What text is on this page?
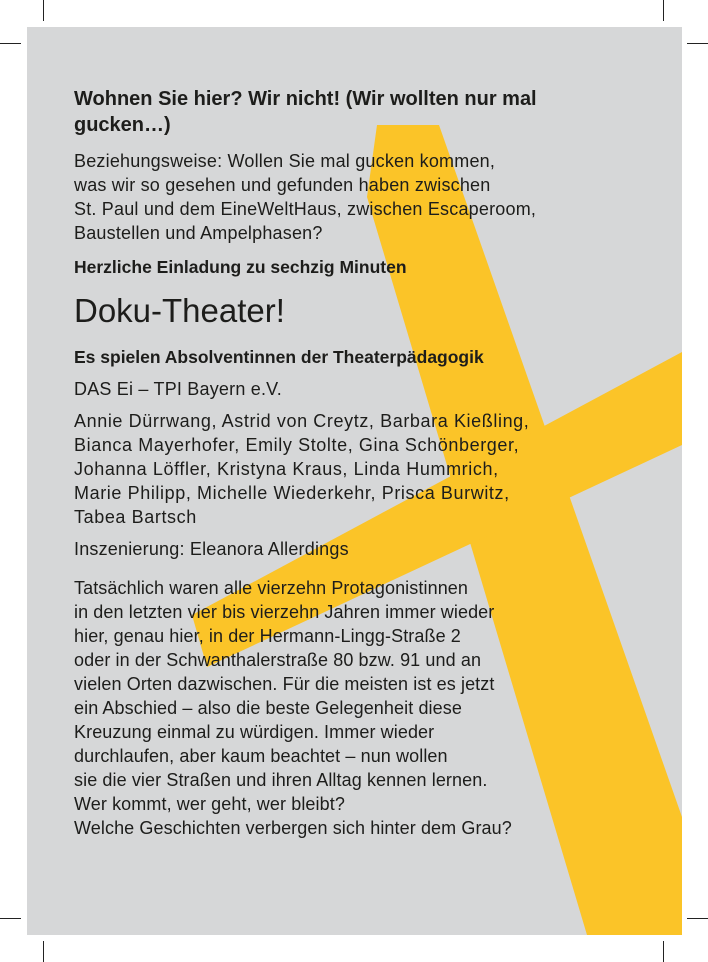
Wohnen Sie hier? Wir nicht! (Wir wollten nur mal gucken…)

Beziehungsweise: Wollen Sie mal gucken kommen,
was wir so gesehen und gefunden haben zwischen
St. Paul und dem EineWeltHaus, zwischen Escaperoom,
Baustellen und Ampelphasen?

Herzliche Einladung zu sechzig Minuten

Doku-Theater!

Es spielen Absolventinnen der Theaterpädagogik

DAS Ei – TPI Bayern e.V.

Annie Dürrwang, Astrid von Creytz, Barbara Kießling,
Bianca Mayerhofer, Emily Stolte, Gina Schönberger,
Johanna Löffler, Kristyna Kraus, Linda Hummrich,
Marie Philipp, Michelle Wiederkehr, Prisca Burwitz,
Tabea Bartsch

Inszenierung: Eleanora Allerdings

Tatsächlich waren alle vierzehn Protagonistinnen
in den letzten vier bis vierzehn Jahren immer wieder
hier, genau hier, in der Hermann-Lingg-Straße 2
oder in der Schwanthalerstraße 80 bzw. 91 und an
vielen Orten dazwischen. Für die meisten ist es jetzt
ein Abschied – also die beste Gelegenheit diese
Kreuzung einmal zu würdigen. Immer wieder
durchlaufen, aber kaum beachtet – nun wollen
sie die vier Straßen und ihren Alltag kennen lernen.
Wer kommt, wer geht, wer bleibt?
Welche Geschichten verbergen sich hinter dem Grau?
